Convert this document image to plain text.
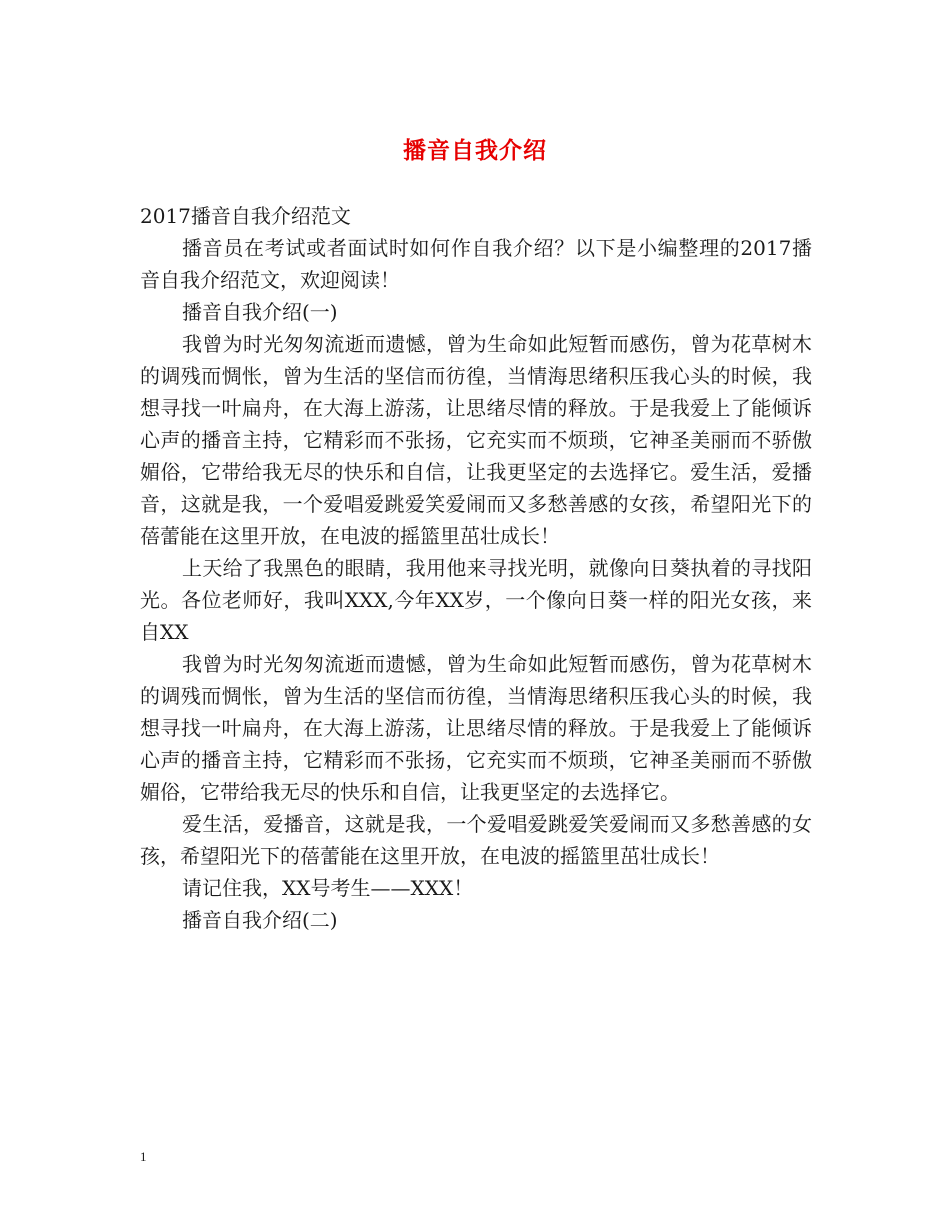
播音自我介绍

2017播音自我介绍范文

播音员在考试或者面试时如何作自我介绍？以下是小编整理的2017播音自我介绍范文，欢迎阅读！

播音自我介绍(一)

我曾为时光匆匆流逝而遗憾，曾为生命如此短暂而感伤，曾为花草树木的调残而惆怅，曾为生活的坚信而彷徨，当情海思绪积压我心头的时候，我想寻找一叶扁舟，在大海上游荡，让思绪尽情的释放。于是我爱上了能倾诉心声的播音主持，它精彩而不张扬，它充实而不烦琐，它神圣美丽而不骄傲媚俗，它带给我无尽的快乐和自信，让我更坚定的去选择它。爱生活，爱播音，这就是我，一个爱唱爱跳爱笑爱闹而又多愁善感的女孩，希望阳光下的蓓蕾能在这里开放，在电波的摇篮里茁壮成长！

上天给了我黑色的眼睛，我用他来寻找光明，就像向日葵执着的寻找阳光。各位老师好，我叫XXX,今年XX岁，一个像向日葵一样的阳光女孩，来自XX

我曾为时光匆匆流逝而遗憾，曾为生命如此短暂而感伤，曾为花草树木的调残而惆怅，曾为生活的坚信而彷徨，当情海思绪积压我心头的时候，我想寻找一叶扁舟，在大海上游荡，让思绪尽情的释放。于是我爱上了能倾诉心声的播音主持，它精彩而不张扬，它充实而不烦琐，它神圣美丽而不骄傲媚俗，它带给我无尽的快乐和自信，让我更坚定的去选择它。

爱生活，爱播音，这就是我，一个爱唱爱跳爱笑爱闹而又多愁善感的女孩，希望阳光下的蓓蕾能在这里开放，在电波的摇篮里茁壮成长！

请记住我，XX号考生——XXX！

播音自我介绍(二)

1
